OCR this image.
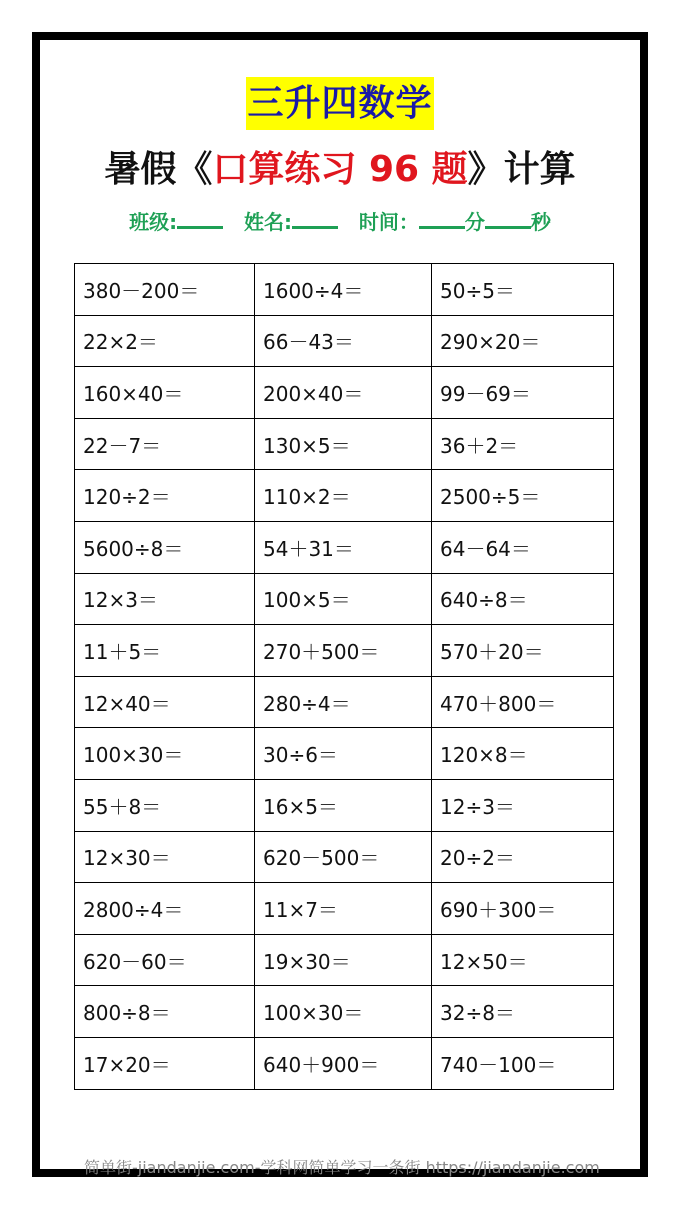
三升四数学
暑假《口算练习 96 题》计算
班级:	姓名:	时间： 分 秒
380－200＝	1600÷4＝	50÷5＝
22×2＝	66－43＝	290×20＝
160×40＝	200×40＝	99－69＝
22－7＝	130×5＝	36＋2＝
120÷2＝	110×2＝	2500÷5＝
5600÷8＝	54＋31＝	64－64＝
12×3＝	100×5＝	640÷8＝
11＋5＝	270＋500＝	570＋20＝
12×40＝	280÷4＝	470＋800＝
100×30＝	30÷6＝	120×8＝
55＋8＝	16×5＝	12÷3＝
12×30＝	620－500＝	20÷2＝
2800÷4＝	11×7＝	690＋300＝
620－60＝	19×30＝	12×50＝
800÷8＝	100×30＝	32÷8＝
17×20＝	640＋900＝	740－100＝
简单街-jiandanjie.com-学科网简单学习一条街 https://jiandanjie.com
